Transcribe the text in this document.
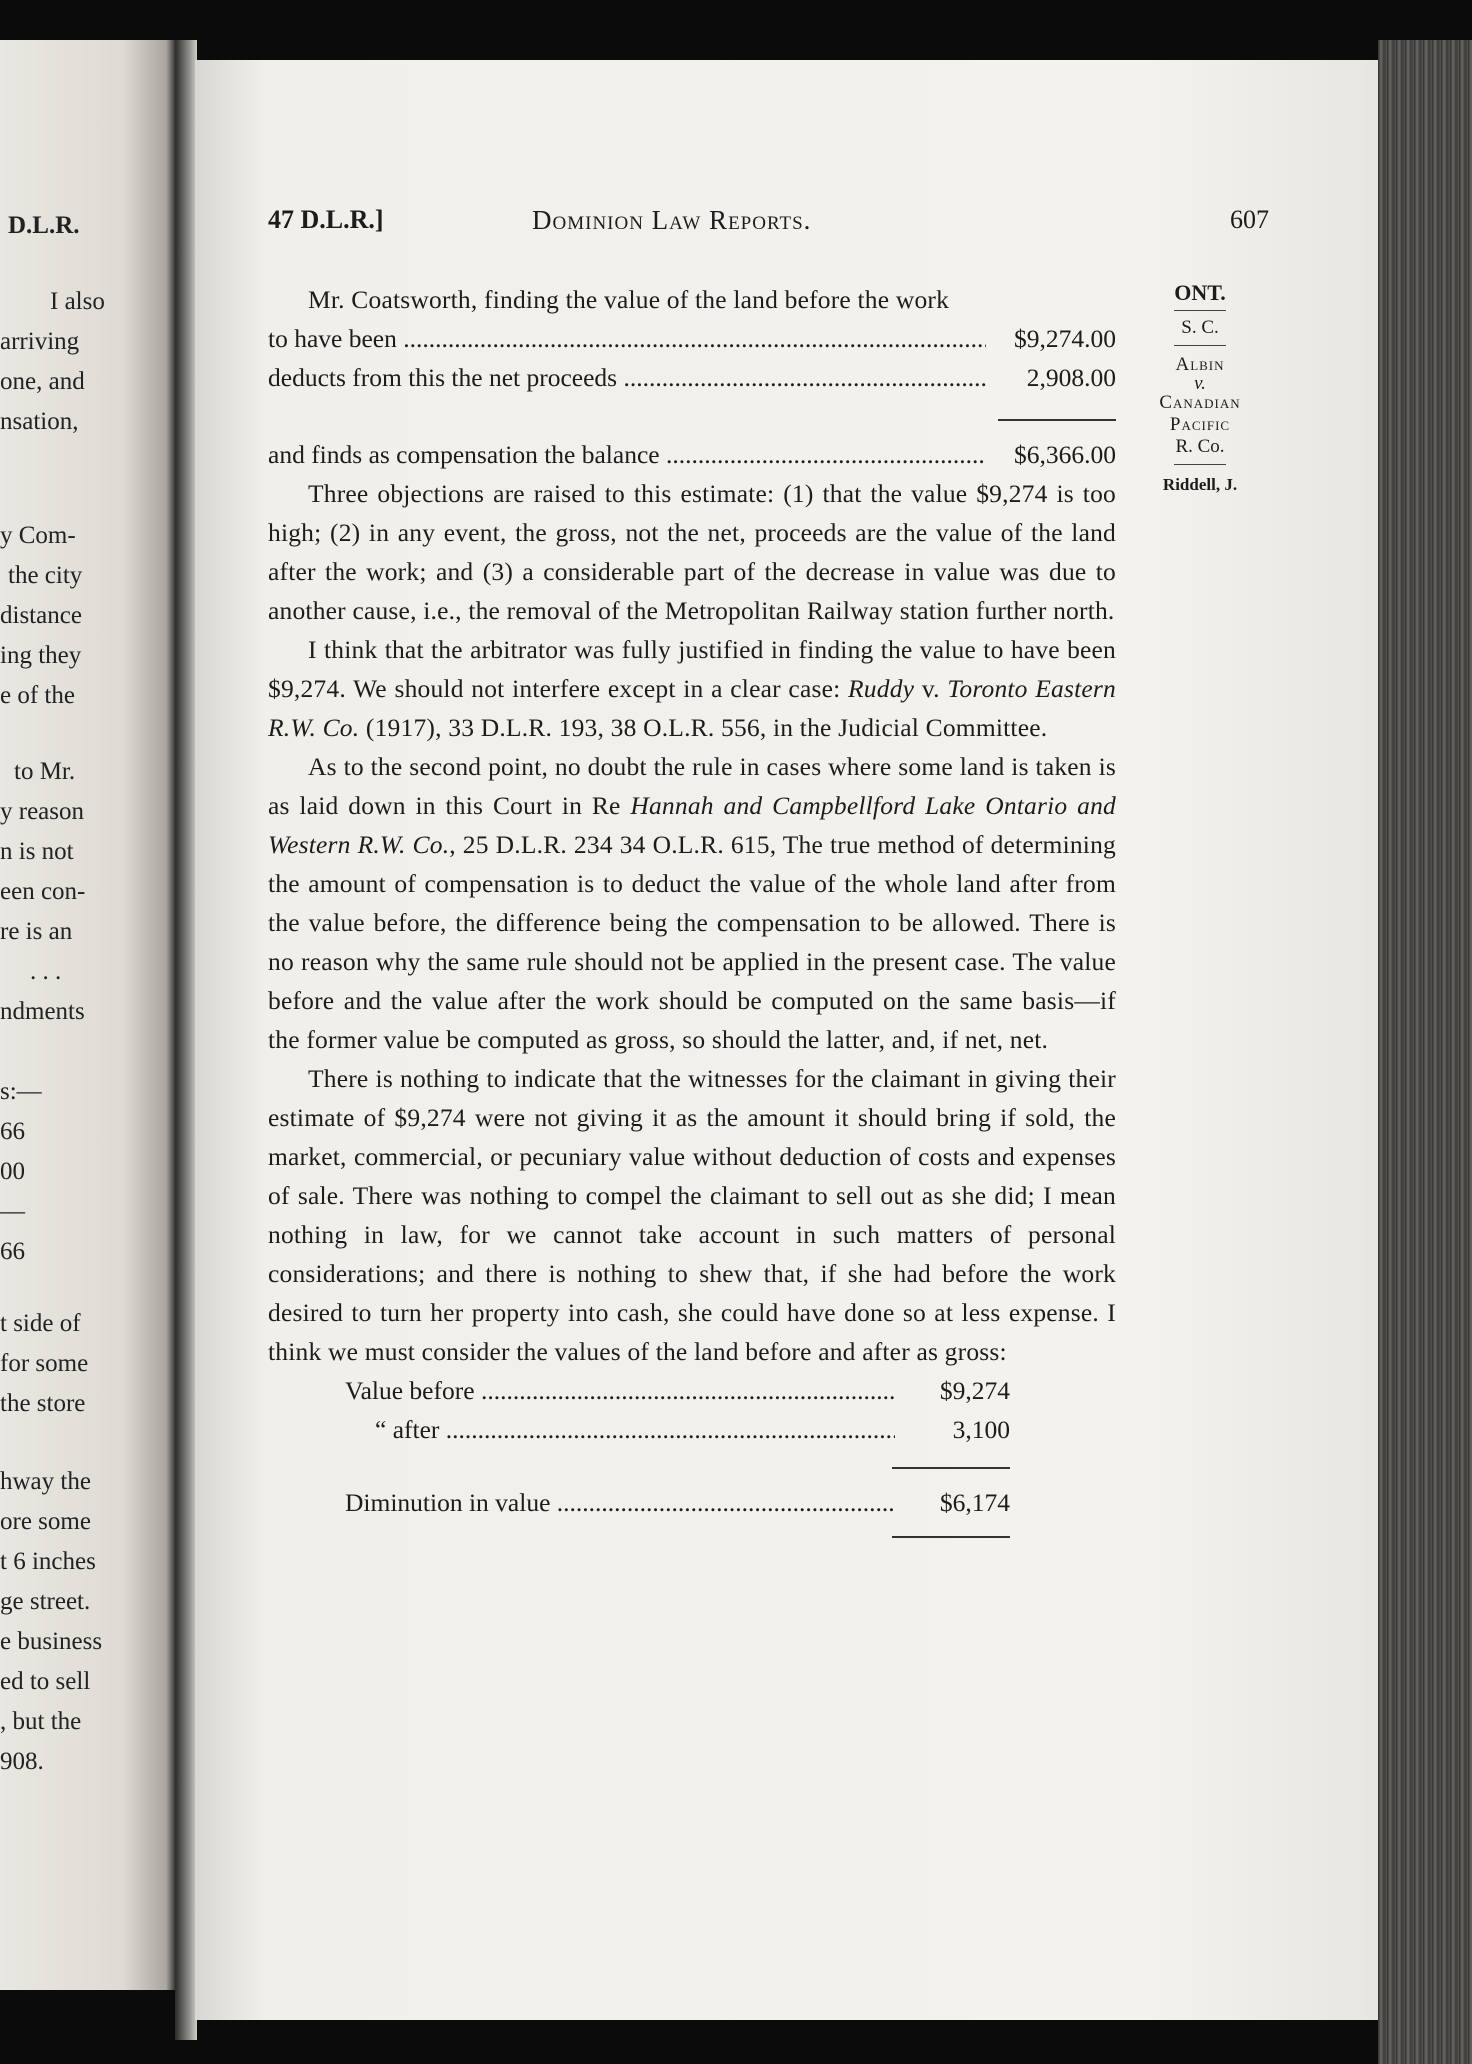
D.L.R.
I also
arriving
one, and
nsation,
y Com-
the city
distance
ing they
e of the
to Mr.
y reason
n is not
een con-
re is an
. . .
ndments
s:—
66
00
—
66
t side of
for some
the store
hway the
ore some
t 6 inches
ge street.
e business
ed to sell
, but the
908.
47 D.L.R.]	Dominion Law Reports.	607
ONT.
S. C.
Albin
v.
Canadian
Pacific
R. Co.
Riddell, J.
Mr. Coatsworth, finding the value of the land before the work
to have been .....	$9,274.00
deducts from this the net proceeds .....	2,908.00
and finds as compensation the balance .....	$6,366.00

Three objections are raised to this estimate: (1) that the value $9,274 is too high; (2) in any event, the gross, not the net, proceeds are the value of the land after the work; and (3) a considerable part of the decrease in value was due to another cause, i.e., the removal of the Metropolitan Railway station further north.

I think that the arbitrator was fully justified in finding the value to have been $9,274. We should not interfere except in a clear case: Ruddy v. Toronto Eastern R.W. Co. (1917), 33 D.L.R. 193, 38 O.L.R. 556, in the Judicial Committee.

As to the second point, no doubt the rule in cases where some land is taken is as laid down in this Court in Re Hannah and Campbellford Lake Ontario and Western R.W. Co., 25 D.L.R. 234 34 O.L.R. 615, The true method of determining the amount of compensation is to deduct the value of the whole land after from the value before, the difference being the compensation to be allowed. There is no reason why the same rule should not be applied in the present case. The value before and the value after the work should be computed on the same basis—if the former value be computed as gross, so should the latter, and, if net, net.

There is nothing to indicate that the witnesses for the claimant in giving their estimate of $9,274 were not giving it as the amount it should bring if sold, the market, commercial, or pecuniary value without deduction of costs and expenses of sale. There was nothing to compel the claimant to sell out as she did; I mean nothing in law, for we cannot take account in such matters of personal considerations; and there is nothing to shew that, if she had before the work desired to turn her property into cash, she could have done so at less expense. I think we must consider the values of the land before and after as gross:

Value before .....	$9,274
“ after .....	3,100
Diminution in value .....	$6,174
